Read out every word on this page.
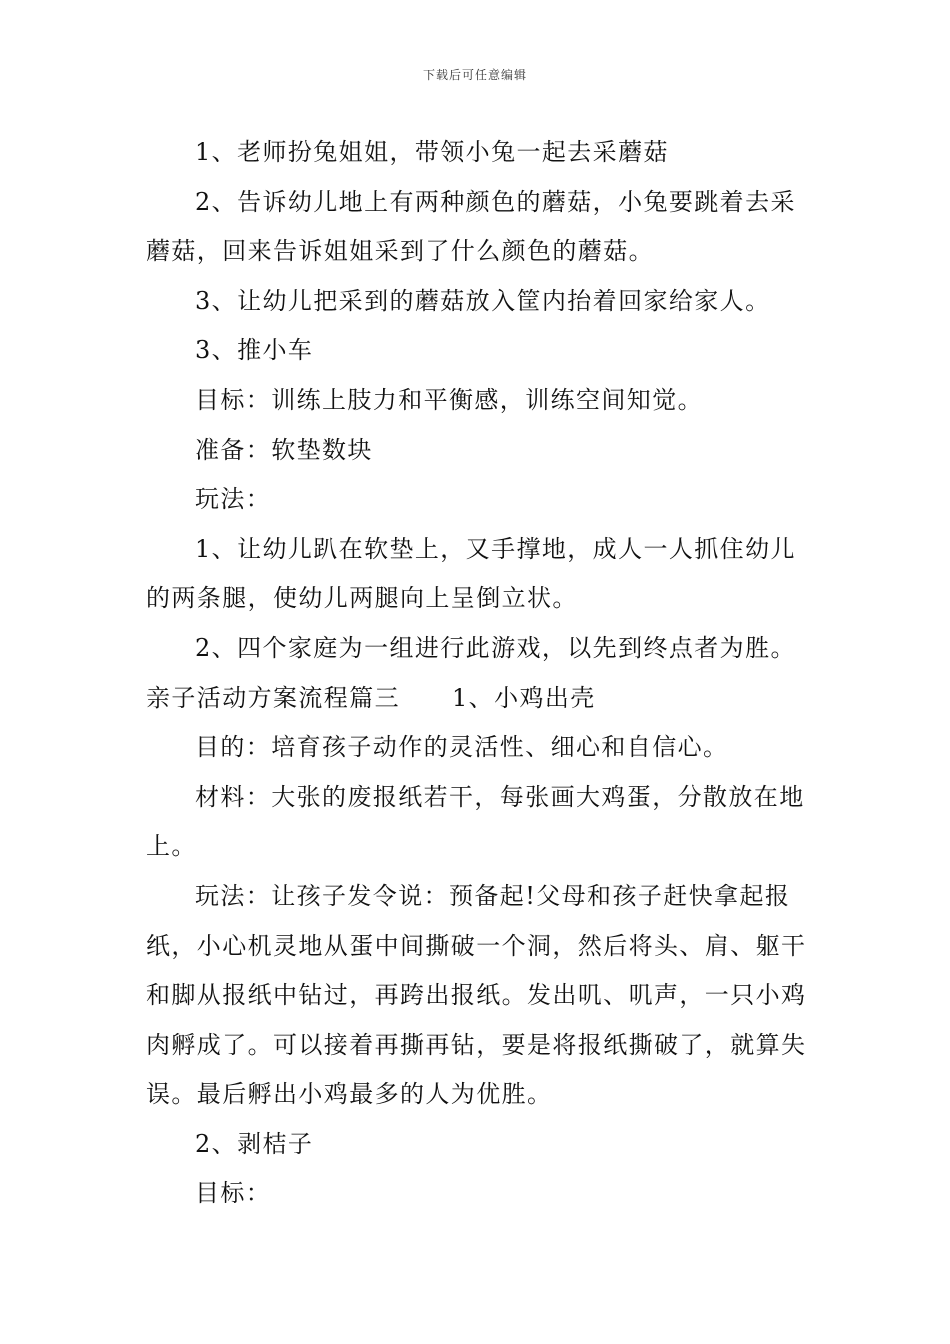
下载后可任意编辑

1、老师扮兔姐姐，带领小兔一起去采蘑菇

2、告诉幼儿地上有两种颜色的蘑菇，小兔要跳着去采蘑菇，回来告诉姐姐采到了什么颜色的蘑菇。

3、让幼儿把采到的蘑菇放入筐内抬着回家给家人。

3、推小车

目标：训练上肢力和平衡感，训练空间知觉。

准备：软垫数块

玩法：

1、让幼儿趴在软垫上，又手撑地，成人一人抓住幼儿的两条腿，使幼儿两腿向上呈倒立状。

2、四个家庭为一组进行此游戏，以先到终点者为胜。

亲子活动方案流程篇三 1、小鸡出壳

目的：培育孩子动作的灵活性、细心和自信心。

材料：大张的废报纸若干，每张画大鸡蛋，分散放在地上。

玩法：让孩子发令说：预备起!父母和孩子赶快拿起报纸，小心机灵地从蛋中间撕破一个洞，然后将头、肩、躯干和脚从报纸中钻过，再跨出报纸。发出叽、叽声，一只小鸡肉孵成了。可以接着再撕再钻，要是将报纸撕破了，就算失误。最后孵出小鸡最多的人为优胜。

2、剥桔子

目标：
